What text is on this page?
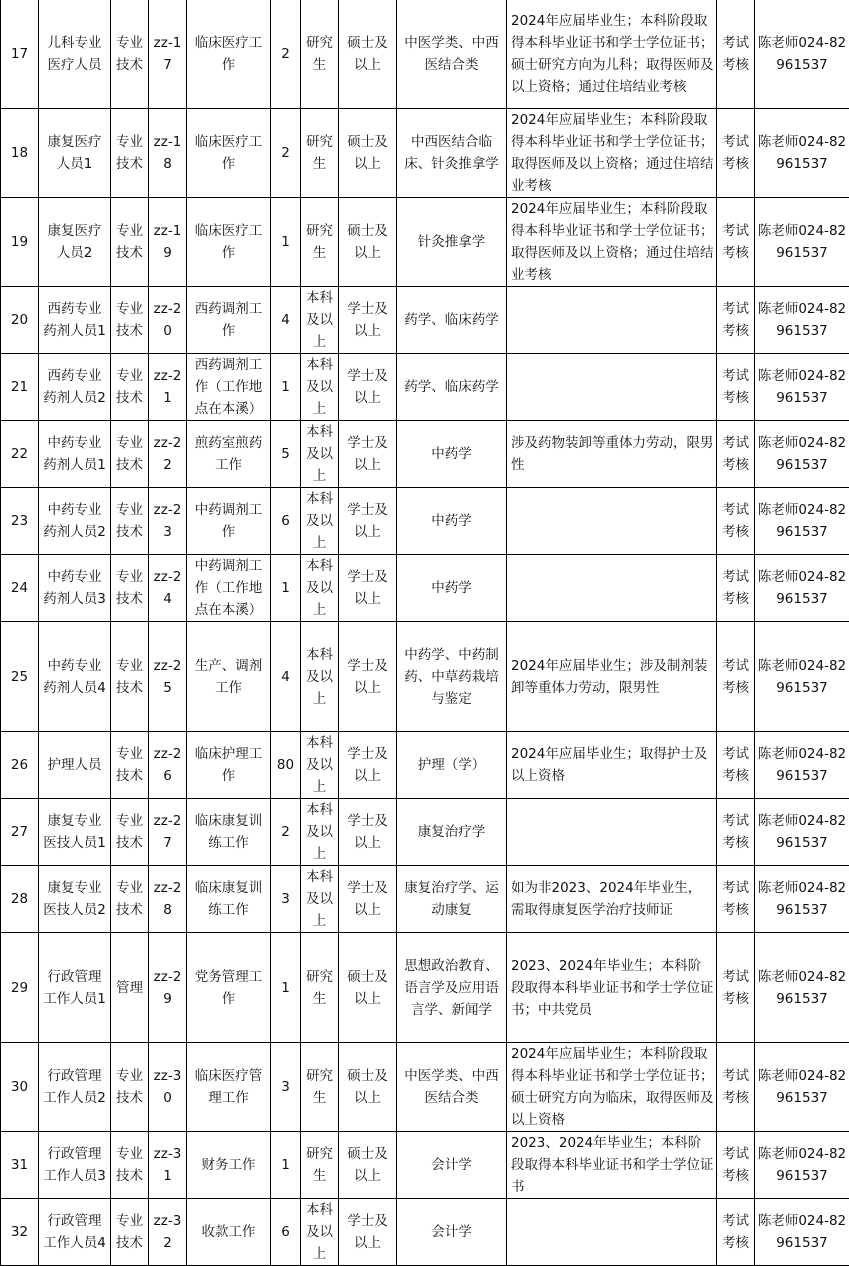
17	儿科专业医疗人员	专业技术	zz-17	临床医疗工作	2	研究生	硕士及以上	中医学类、中西医结合类	2024年应届毕业生；本科阶段取得本科毕业证书和学士学位证书；硕士研究方向为儿科；取得医师及以上资格；通过住培结业考核	考试考核	陈老师024-82961537
18	康复医疗人员1	专业技术	zz-18	临床医疗工作	2	研究生	硕士及以上	中西医结合临床、针灸推拿学	2024年应届毕业生；本科阶段取得本科毕业证书和学士学位证书；取得医师及以上资格；通过住培结业考核	考试考核	陈老师024-82961537
19	康复医疗人员2	专业技术	zz-19	临床医疗工作	1	研究生	硕士及以上	针灸推拿学	2024年应届毕业生；本科阶段取得本科毕业证书和学士学位证书；取得医师及以上资格；通过住培结业考核	考试考核	陈老师024-82961537
20	西药专业药剂人员1	专业技术	zz-20	西药调剂工作	4	本科及以上	学士及以上	药学、临床药学		考试考核	陈老师024-82961537
21	西药专业药剂人员2	专业技术	zz-21	西药调剂工作（工作地点在本溪）	1	本科及以上	学士及以上	药学、临床药学		考试考核	陈老师024-82961537
22	中药专业药剂人员1	专业技术	zz-22	煎药室煎药工作	5	本科及以上	学士及以上	中药学	涉及药物装卸等重体力劳动，限男性	考试考核	陈老师024-82961537
23	中药专业药剂人员2	专业技术	zz-23	中药调剂工作	6	本科及以上	学士及以上	中药学		考试考核	陈老师024-82961537
24	中药专业药剂人员3	专业技术	zz-24	中药调剂工作（工作地点在本溪）	1	本科及以上	学士及以上	中药学		考试考核	陈老师024-82961537
25	中药专业药剂人员4	专业技术	zz-25	生产、调剂工作	4	本科及以上	学士及以上	中药学、中药制药、中草药栽培与鉴定	2024年应届毕业生；涉及制剂装卸等重体力劳动，限男性	考试考核	陈老师024-82961537
26	护理人员	专业技术	zz-26	临床护理工作	80	本科及以上	学士及以上	护理（学）	2024年应届毕业生；取得护士及以上资格	考试考核	陈老师024-82961537
27	康复专业医技人员1	专业技术	zz-27	临床康复训练工作	2	本科及以上	学士及以上	康复治疗学		考试考核	陈老师024-82961537
28	康复专业医技人员2	专业技术	zz-28	临床康复训练工作	3	本科及以上	学士及以上	康复治疗学、运动康复	如为非2023、2024年毕业生，需取得康复医学治疗技师证	考试考核	陈老师024-82961537
29	行政管理工作人员1	管理	zz-29	党务管理工作	1	研究生	硕士及以上	思想政治教育、语言学及应用语言学、新闻学	2023、2024年毕业生；本科阶段取得本科毕业证书和学士学位证书；中共党员	考试考核	陈老师024-82961537
30	行政管理工作人员2	专业技术	zz-30	临床医疗管理工作	3	研究生	硕士及以上	中医学类、中西医结合类	2024年应届毕业生；本科阶段取得本科毕业证书和学士学位证书；硕士研究方向为临床，取得医师及以上资格	考试考核	陈老师024-82961537
31	行政管理工作人员3	专业技术	zz-31	财务工作	1	研究生	硕士及以上	会计学	2023、2024年毕业生；本科阶段取得本科毕业证书和学士学位证书	考试考核	陈老师024-82961537
32	行政管理工作人员4	专业技术	zz-32	收款工作	6	本科及以上	学士及以上	会计学		考试考核	陈老师024-82961537
